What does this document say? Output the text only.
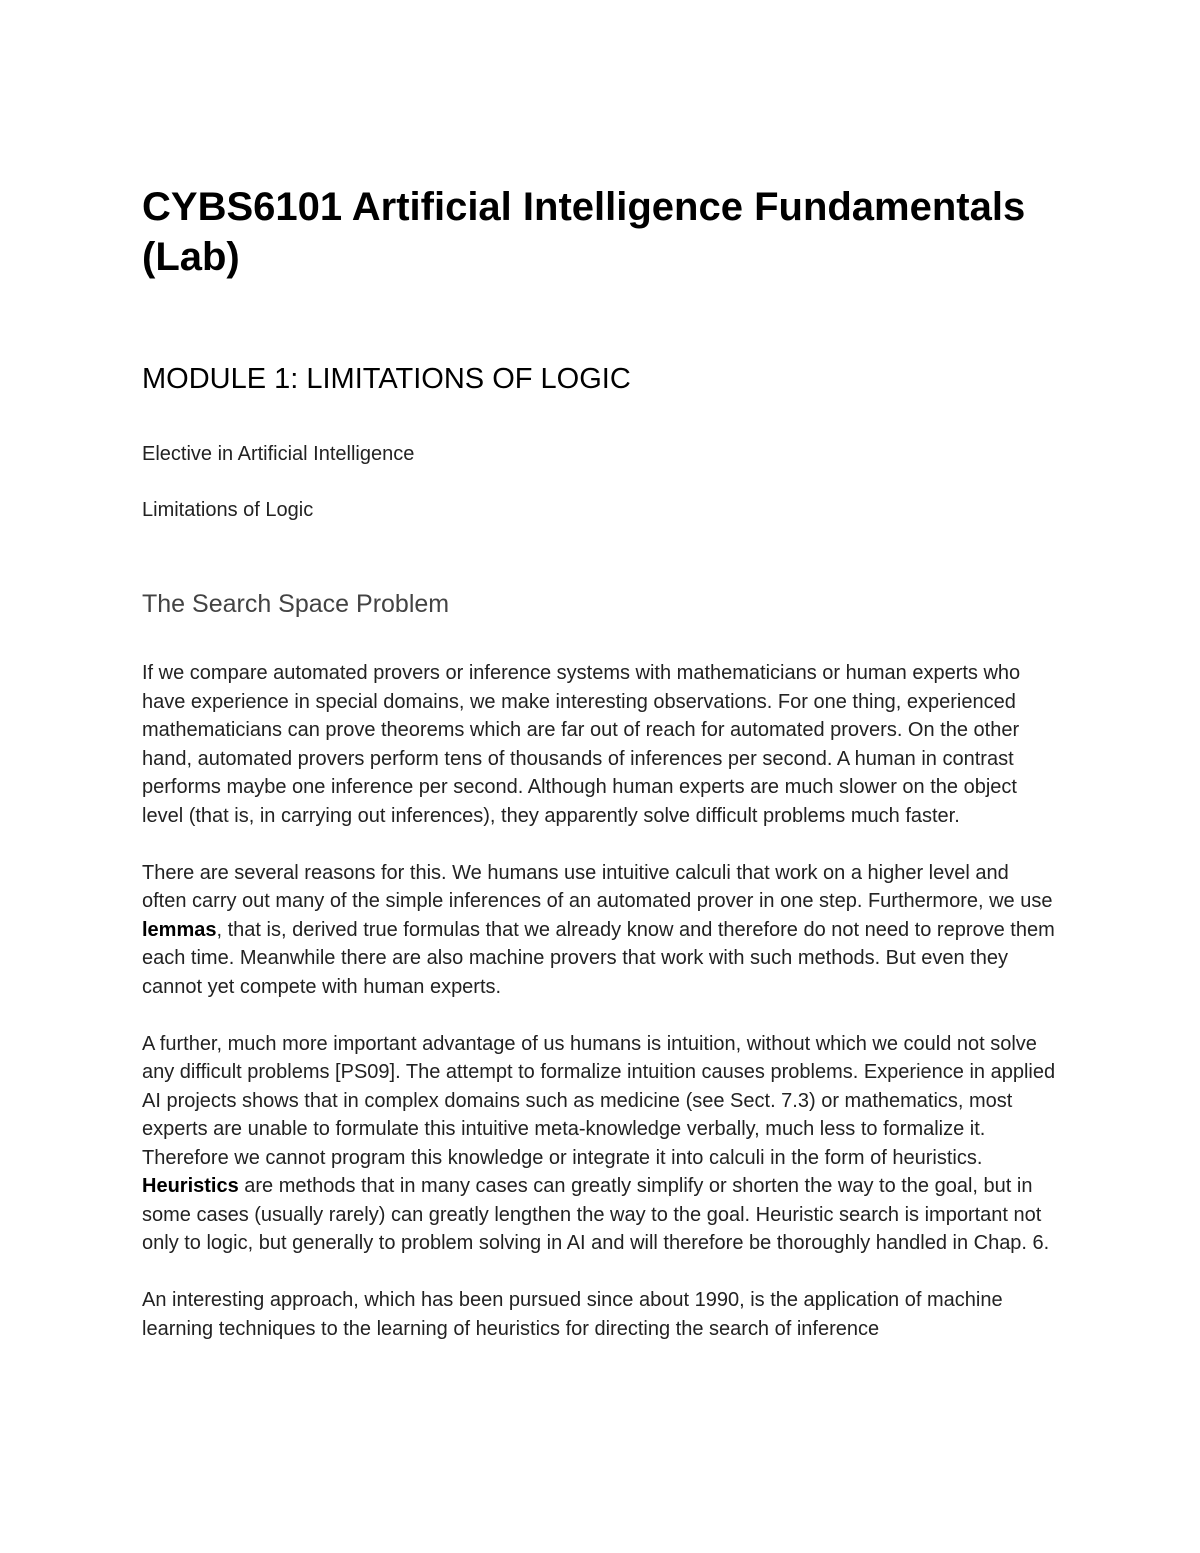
CYBS6101 Artificial Intelligence Fundamentals (Lab)
MODULE 1: LIMITATIONS OF LOGIC

Elective in Artificial Intelligence

Limitations of Logic

The Search Space Problem

If we compare automated provers or inference systems with mathematicians or human experts who have experience in special domains, we make interesting observations. For one thing, experienced mathematicians can prove theorems which are far out of reach for automated provers. On the other hand, automated provers perform tens of thousands of inferences per second. A human in contrast performs maybe one inference per second. Although human experts are much slower on the object level (that is, in carrying out inferences), they apparently solve difficult problems much faster.

There are several reasons for this. We humans use intuitive calculi that work on a higher level and often carry out many of the simple inferences of an automated prover in one step. Furthermore, we use lemmas, that is, derived true formulas that we already know and therefore do not need to reprove them each time. Meanwhile there are also machine provers that work with such methods. But even they cannot yet compete with human experts.

A further, much more important advantage of us humans is intuition, without which we could not solve any difficult problems [PS09]. The attempt to formalize intuition causes problems. Experience in applied AI projects shows that in complex domains such as medicine (see Sect. 7.3) or mathematics, most experts are unable to formulate this intuitive meta-knowledge verbally, much less to formalize it. Therefore we cannot program this knowledge or integrate it into calculi in the form of heuristics. Heuristics are methods that in many cases can greatly simplify or shorten the way to the goal, but in some cases (usually rarely) can greatly lengthen the way to the goal. Heuristic search is important not only to logic, but generally to problem solving in AI and will therefore be thoroughly handled in Chap. 6.

An interesting approach, which has been pursued since about 1990, is the application of machine learning techniques to the learning of heuristics for directing the search of inference
